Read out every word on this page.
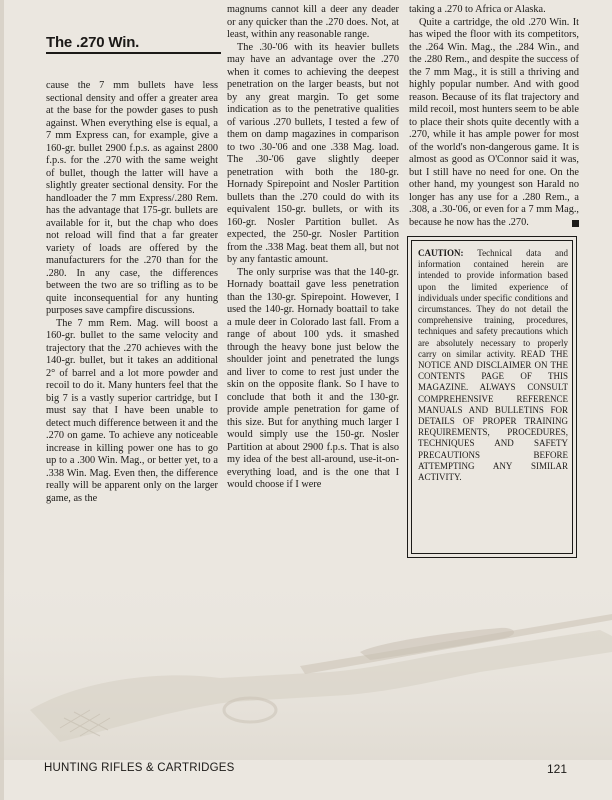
The .270 Win.

cause the 7 mm bullets have less sectional density and offer a greater area at the base for the powder gases to push against. When everything else is equal, a 7 mm Express can, for example, give a 160-gr. bullet 2900 f.p.s. as against 2800 f.p.s. for the .270 with the same weight of bullet, though the latter will have a slightly greater sectional density. For the handloader the 7 mm Express/.280 Rem. has the advantage that 175-gr. bullets are available for it, but the chap who does not reload will find that a far greater variety of loads are offered by the manufacturers for the .270 than for the .280. In any case, the differences between the two are so trifling as to be quite inconsequential for any hunting purposes save campfire discussions.

The 7 mm Rem. Mag. will boost a 160-gr. bullet to the same velocity and trajectory that the .270 achieves with the 140-gr. bullet, but it takes an additional 2° of barrel and a lot more powder and recoil to do it. Many hunters feel that the big 7 is a vastly superior cartridge, but I must say that I have been unable to detect much difference between it and the .270 on game. To achieve any noticeable increase in killing power one has to go up to a .300 Win. Mag., or better yet, to a .338 Win. Mag. Even then, the difference really will be apparent only on the larger game, as the

magnums cannot kill a deer any deader or any quicker than the .270 does. Not, at least, within any reasonable range.

The .30-'06 with its heavier bullets may have an advantage over the .270 when it comes to achieving the deepest penetration on the larger beasts, but not by any great margin. To get some indication as to the penetrative qualities of various .270 bullets, I tested a few of them on damp magazines in comparison to two .30-'06 and one .338 Mag. load. The .30-'06 gave slightly deeper penetration with both the 180-gr. Hornady Spirepoint and Nosler Partition bullets than the .270 could do with its equivalent 150-gr. bullets, or with its 160-gr. Nosler Partition bullet. As expected, the 250-gr. Nosler Partition from the .338 Mag. beat them all, but not by any fantastic amount.

The only surprise was that the 140-gr. Hornady boattail gave less penetration than the 130-gr. Spirepoint. However, I used the 140-gr. Hornady boattail to take a mule deer in Colorado last fall. From a range of about 100 yds. it smashed through the heavy bone just below the shoulder joint and penetrated the lungs and liver to come to rest just under the skin on the opposite flank. So I have to conclude that both it and the 130-gr. provide ample penetration for game of this size. But for anything much larger I would simply use the 150-gr. Nosler Partition at about 2900 f.p.s. That is also my idea of the best all-around, use-it-on-everything load, and is the one that I would choose if I were

taking a .270 to Africa or Alaska.

Quite a cartridge, the old .270 Win. It has wiped the floor with its competitors, the .264 Win. Mag., the .284 Win., and the .280 Rem., and despite the success of the 7 mm Mag., it is still a thriving and highly popular number. And with good reason. Because of its flat trajectory and mild recoil, most hunters seem to be able to place their shots quite decently with a .270, while it has ample power for most of the world's non-dangerous game. It is almost as good as O'Connor said it was, but I still have no need for one. On the other hand, my youngest son Harald no longer has any use for a .280 Rem., a .308, a .30-'06, or even for a 7 mm Mag., because he now has the .270.

CAUTION: Technical data and information contained herein are intended to provide information based upon the limited experience of individuals under specific conditions and circumstances. They do not detail the comprehensive training, procedures, techniques and safety precautions which are absolutely necessary to properly carry on similar activity. READ THE NOTICE AND DISCLAIMER ON THE CONTENTS PAGE OF THIS MAGAZINE. ALWAYS CONSULT COMPREHENSIVE REFERENCE MANUALS AND BULLETINS FOR DETAILS OF PROPER TRAINING REQUIREMENTS, PROCEDURES, TECHNIQUES AND SAFETY PRECAUTIONS BEFORE ATTEMPTING ANY SIMILAR ACTIVITY.
HUNTING RIFLES & CARTRIDGES	121
